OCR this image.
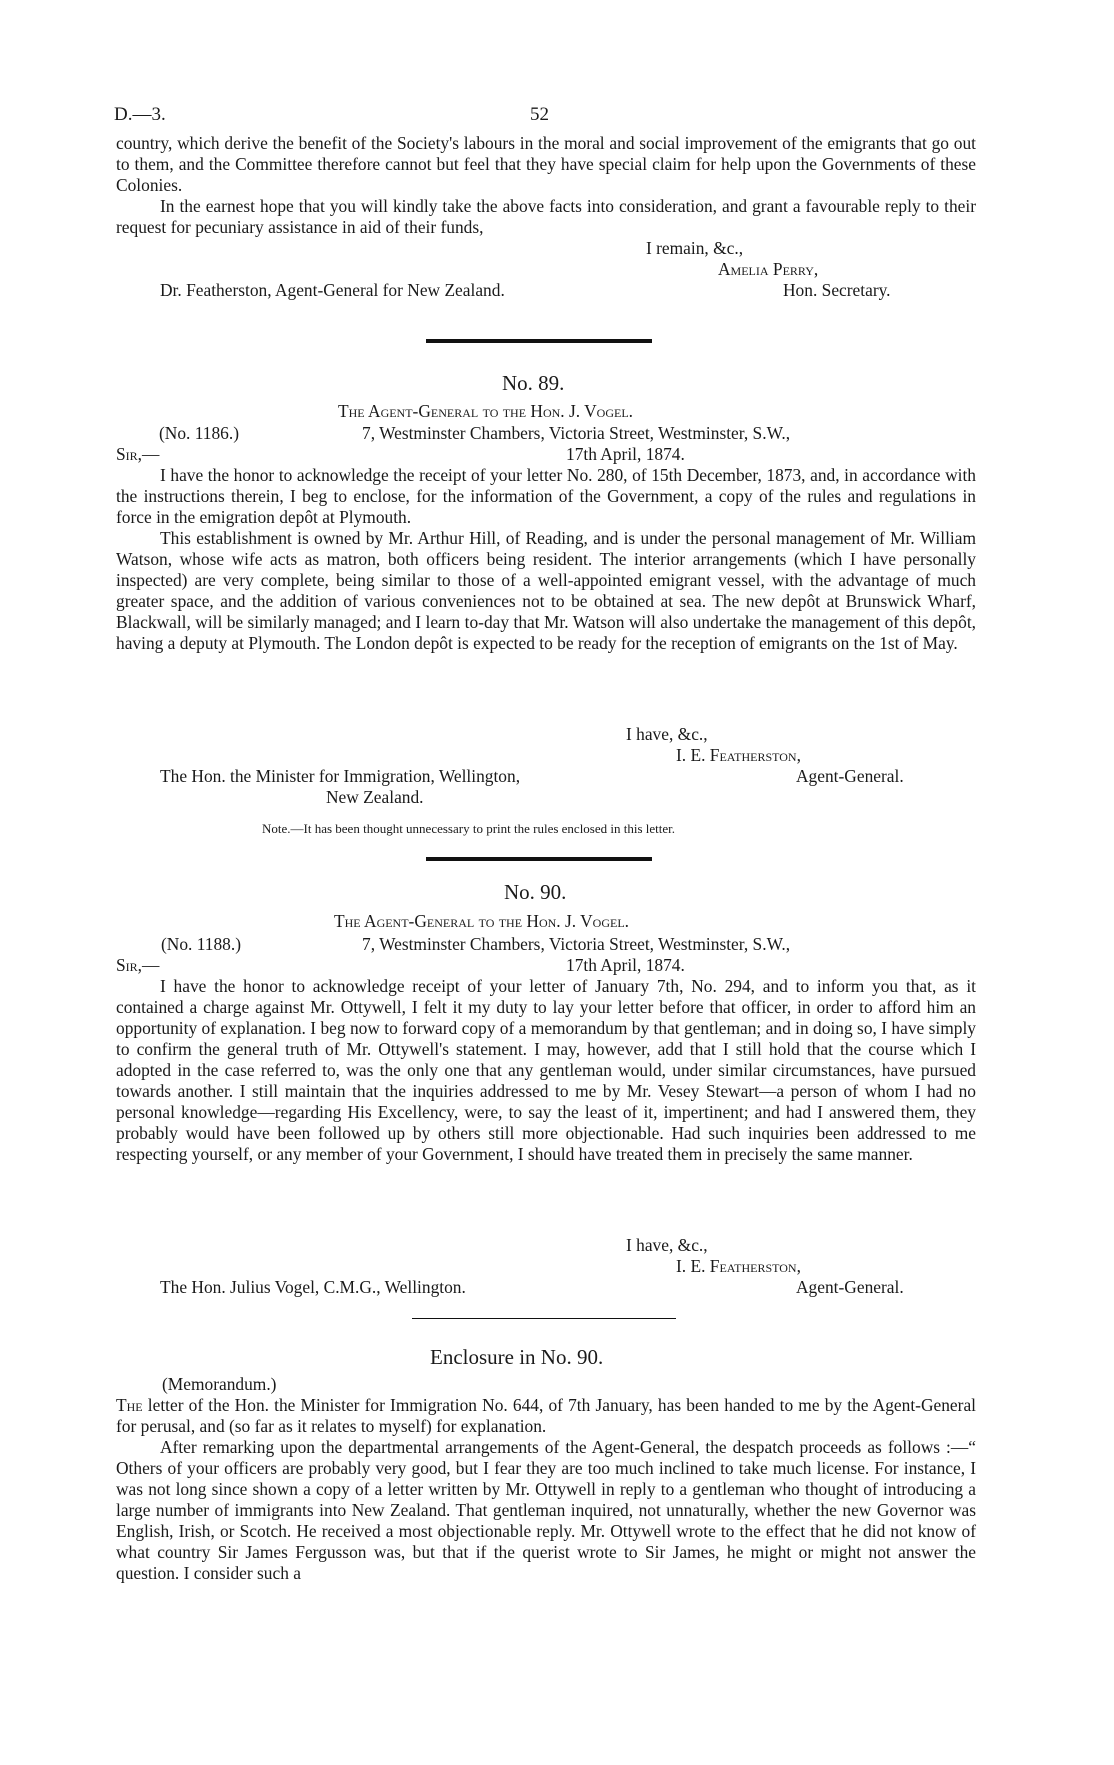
D.—3.	52

country, which derive the benefit of the Society's labours in the moral and social improvement of the emigrants that go out to them, and the Committee therefore cannot but feel that they have special claim for help upon the Governments of these Colonies.

In the earnest hope that you will kindly take the above facts into consideration, and grant a favourable reply to their request for pecuniary assistance in aid of their funds,

I remain, &c.,
Amelia Perry,
Dr. Featherston, Agent-General for New Zealand.	Hon. Secretary.
No. 89.
The Agent-General to the Hon. J. Vogel.
(No. 1186.)	7, Westminster Chambers, Victoria Street, Westminster, S.W.,
Sir,—	17th April, 1874.

I have the honor to acknowledge the receipt of your letter No. 280, of 15th December, 1873, and, in accordance with the instructions therein, I beg to enclose, for the information of the Government, a copy of the rules and regulations in force in the emigration depôt at Plymouth.

This establishment is owned by Mr. Arthur Hill, of Reading, and is under the personal management of Mr. William Watson, whose wife acts as matron, both officers being resident. The interior arrangements (which I have personally inspected) are very complete, being similar to those of a well-appointed emigrant vessel, with the advantage of much greater space, and the addition of various conveniences not to be obtained at sea. The new depôt at Brunswick Wharf, Blackwall, will be similarly managed; and I learn to-day that Mr. Watson will also undertake the management of this depôt, having a deputy at Plymouth. The London depôt is expected to be ready for the reception of emigrants on the 1st of May.

I have, &c.,
I. E. Featherston,
The Hon. the Minister for Immigration, Wellington,	Agent-General.
New Zealand.
Note.—It has been thought unnecessary to print the rules enclosed in this letter.
No. 90.
The Agent-General to the Hon. J. Vogel.
(No. 1188.)	7, Westminster Chambers, Victoria Street, Westminster, S.W.,
Sir,—	17th April, 1874.

I have the honor to acknowledge receipt of your letter of January 7th, No. 294, and to inform you that, as it contained a charge against Mr. Ottywell, I felt it my duty to lay your letter before that officer, in order to afford him an opportunity of explanation. I beg now to forward copy of a memorandum by that gentleman; and in doing so, I have simply to confirm the general truth of Mr. Ottywell's statement. I may, however, add that I still hold that the course which I adopted in the case referred to, was the only one that any gentleman would, under similar circumstances, have pursued towards another. I still maintain that the inquiries addressed to me by Mr. Vesey Stewart—a person of whom I had no personal knowledge—regarding His Excellency, were, to say the least of it, impertinent; and had I answered them, they probably would have been followed up by others still more objectionable. Had such inquiries been addressed to me respecting yourself, or any member of your Government, I should have treated them in precisely the same manner.

I have, &c.,
I. E. Featherston,
The Hon. Julius Vogel, C.M.G., Wellington.	Agent-General.
Enclosure in No. 90.
(Memorandum.)

The letter of the Hon. the Minister for Immigration No. 644, of 7th January, has been handed to me by the Agent-General for perusal, and (so far as it relates to myself) for explanation.

After remarking upon the departmental arrangements of the Agent-General, the despatch proceeds as follows :—“ Others of your officers are probably very good, but I fear they are too much inclined to take much license. For instance, I was not long since shown a copy of a letter written by Mr. Ottywell in reply to a gentleman who thought of introducing a large number of immigrants into New Zealand. That gentleman inquired, not unnaturally, whether the new Governor was English, Irish, or Scotch. He received a most objectionable reply. Mr. Ottywell wrote to the effect that he did not know of what country Sir James Fergusson was, but that if the querist wrote to Sir James, he might or might not answer the question. I consider such a
